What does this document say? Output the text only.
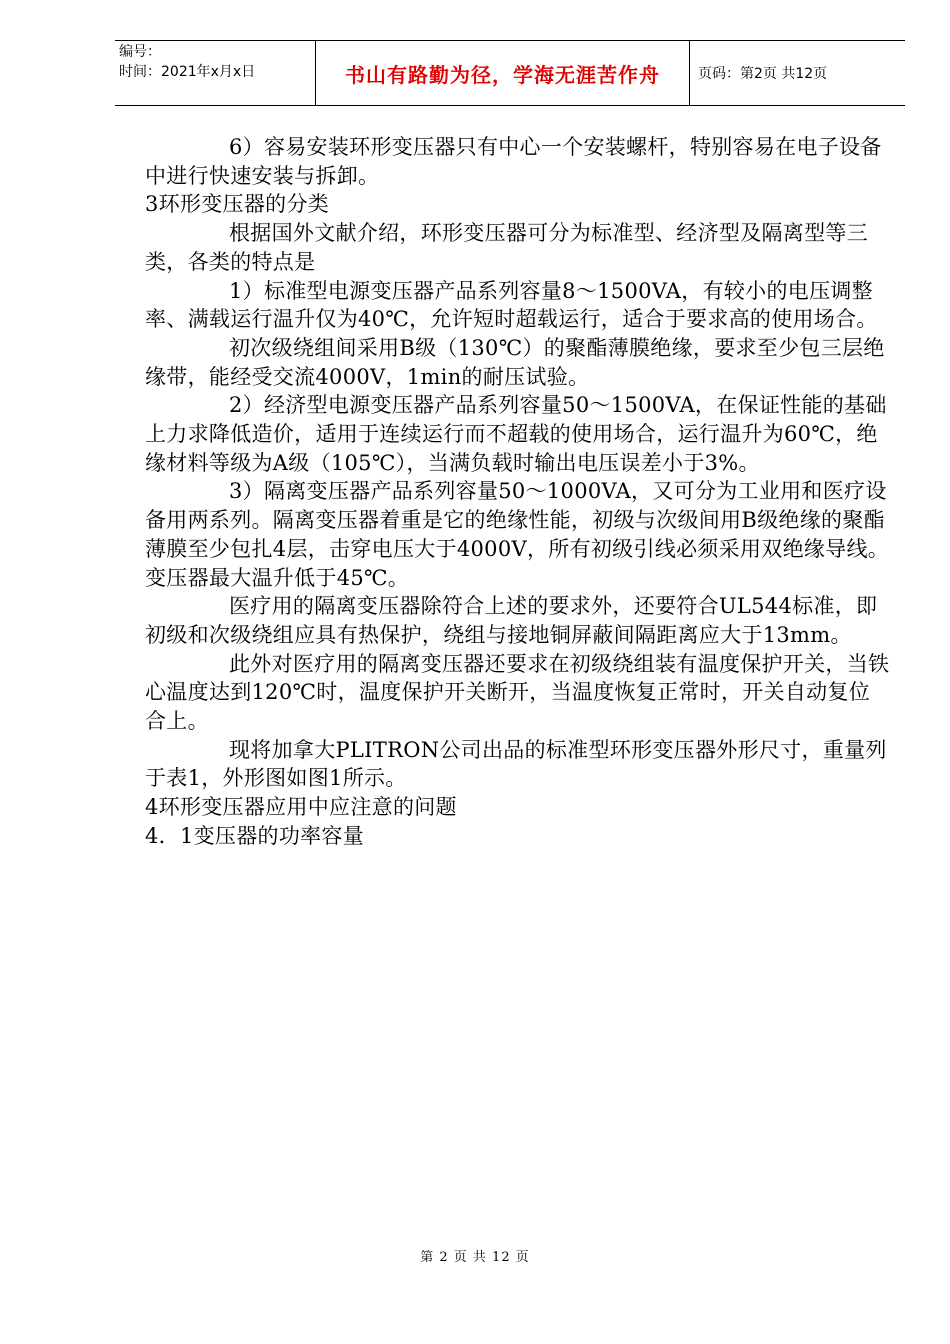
编号：
时间：2021年x月x日	书山有路勤为径，学海无涯苦作舟	页码：第2页 共12页

6）容易安装环形变压器只有中心一个安装螺杆，特别容易在电子设备中进行快速安装与拆卸。

3环形变压器的分类

根据国外文献介绍，环形变压器可分为标准型、经济型及隔离型等三类，各类的特点是

1）标准型电源变压器产品系列容量8～1500VA，有较小的电压调整率、满载运行温升仅为40℃，允许短时超载运行，适合于要求高的使用场合。

初次级绕组间采用B级（130℃）的聚酯薄膜绝缘，要求至少包三层绝缘带，能经受交流4000V，1min的耐压试验。

2）经济型电源变压器产品系列容量50～1500VA，在保证性能的基础上力求降低造价，适用于连续运行而不超载的使用场合，运行温升为60℃，绝缘材料等级为A级（105℃），当满负载时输出电压误差小于3%。

3）隔离变压器产品系列容量50～1000VA，又可分为工业用和医疗设备用两系列。隔离变压器着重是它的绝缘性能，初级与次级间用B级绝缘的聚酯薄膜至少包扎4层，击穿电压大于4000V，所有初级引线必须采用双绝缘导线。变压器最大温升低于45℃。

医疗用的隔离变压器除符合上述的要求外，还要符合UL544标准，即初级和次级绕组应具有热保护，绕组与接地铜屏蔽间隔距离应大于13mm。

此外对医疗用的隔离变压器还要求在初级绕组装有温度保护开关，当铁心温度达到120℃时，温度保护开关断开，当温度恢复正常时，开关自动复位合上。

现将加拿大PLITRON公司出品的标准型环形变压器外形尺寸，重量列于表1，外形图如图1所示。

4环形变压器应用中应注意的问题

4．1变压器的功率容量

第 2 页 共 12 页
